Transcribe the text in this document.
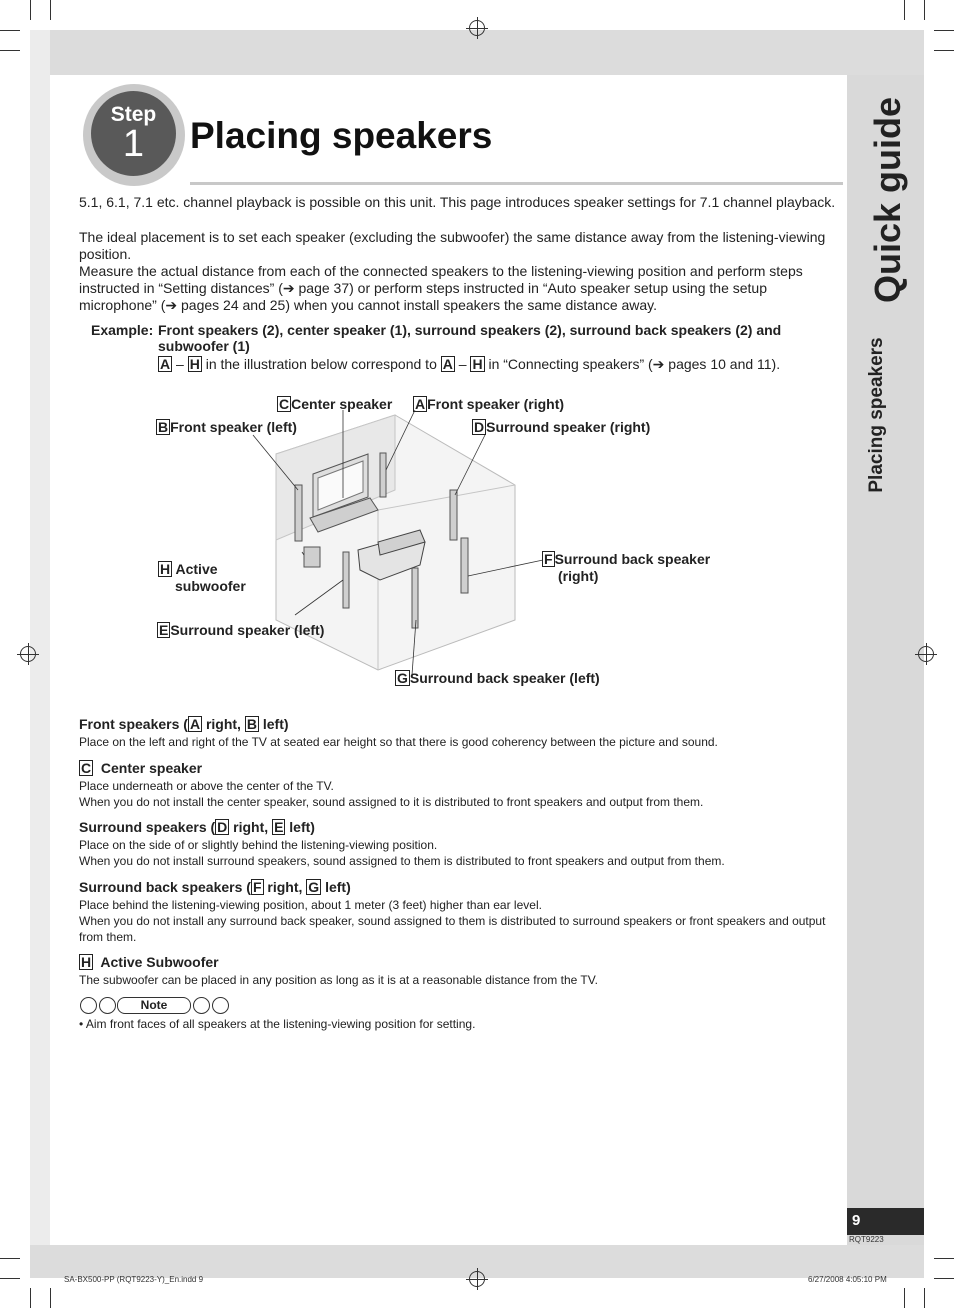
Step
1	Placing speakers	Quick guide
Placing speakers
5.1, 6.1, 7.1 etc. channel playback is possible on this unit. This page introduces speaker settings for 7.1 channel playback.
The ideal placement is to set each speaker (excluding the subwoofer) the same distance away from the listening-viewing position.
Measure the actual distance from each of the connected speakers to the listening-viewing position and perform steps instructed in “Setting distances” (➔ page 37) or perform steps instructed in “Auto speaker setup using the setup microphone” (➔ pages 24 and 25) when you cannot install speakers the same distance away.
Example: Front speakers (2), center speaker (1), surround speakers (2), surround back speakers (2) and subwoofer (1)
A – H in the illustration below correspond to A – H in “Connecting speakers” (➔ pages 10 and 11).
C Center speaker A Front speaker (right)
B Front speaker (left)	D Surround speaker (right)
F Surround back speaker
(right)
H Active
subwoofer
E Surround speaker (left)
G Surround back speaker (left)
Front speakers ( A right, B left)
Place on the left and right of the TV at seated ear height so that there is good coherency between the picture and sound.
C Center speaker
Place underneath or above the center of the TV.
When you do not install the center speaker, sound assigned to it is distributed to front speakers and output from them.
Surround speakers ( D right, E left)
Place on the side of or slightly behind the listening-viewing position.
When you do not install surround speakers, sound assigned to them is distributed to front speakers and output from them.
Surround back speakers ( F right, G left)
Place behind the listening-viewing position, about 1 meter (3 feet) higher than ear level.
When you do not install any surround back speaker, sound assigned to them is distributed to surround speakers or front speakers and output from them.
H Active Subwoofer
The subwoofer can be placed in any position as long as it is at a reasonable distance from the TV.
Note
• Aim front faces of all speakers at the listening-viewing position for setting.
9
RQT9223
SA-BX500-PP (RQT9223-Y)_En.indd 9	6/27/2008 4:05:10 PM
